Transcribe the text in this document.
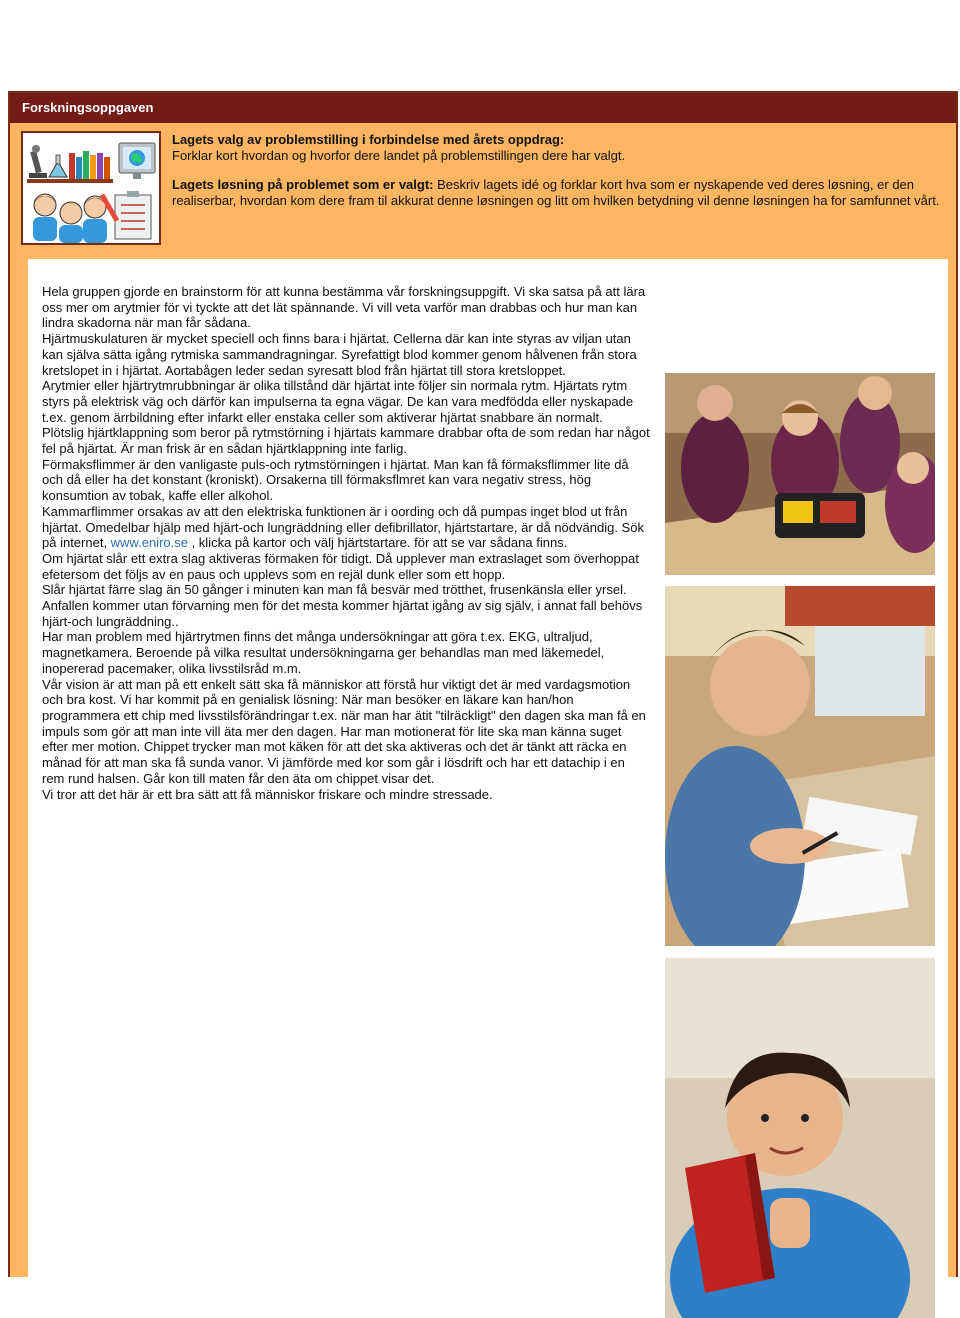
Forskningsoppgaven

Lagets valg av problemstilling i forbindelse med årets oppdrag:
Forklar kort hvordan og hvorfor dere landet på problemstillingen dere har valgt.

Lagets løsning på problemet som er valgt: Beskriv lagets idé og forklar kort hva som er nyskapende ved deres løsning, er den realiserbar, hvordan kom dere fram til akkurat denne løsningen og litt om hvilken betydning vil denne løsningen ha for samfunnet vårt.

Hela gruppen gjorde en brainstorm för att kunna bestämma vår forskningsuppgift. Vi ska satsa på att lära oss mer om arytmier för vi tyckte att det lät spännande. Vi vill veta varför man drabbas och hur man kan lindra skadorna när man får sådana.

Hjärtmuskulaturen är mycket speciell och finns bara i hjärtat. Cellerna där kan inte styras av viljan utan kan själva sätta igång rytmiska sammandragningar. Syrefattigt blod kommer genom hålvenen från stora kretslopet in i hjärtat. Aortabågen leder sedan syresatt blod från hjärtat till stora kretsloppet.

Arytmier eller hjärtrytmrubbningar är olika tillstånd där hjärtat inte följer sin normala rytm. Hjärtats rytm styrs på elektrisk väg och därför kan impulserna ta egna vägar. De kan vara medfödda eller nyskapade t.ex. genom ärrbildning efter infarkt eller enstaka celler som aktiverar hjärtat snabbare än normalt.

Plötslig hjärtklappning som beror på rytmstörning i hjärtats kammare drabbar ofta de som redan har något fel på hjärtat. Är man frisk är en sådan hjärtklappning inte farlig.

Förmaksflimmer är den vanligaste puls-och rytmstörningen i hjärtat. Man kan få förmaksflimmer lite då och då eller ha det konstant (kroniskt). Orsakerna till förmaksflmret kan vara negativ stress, hög konsumtion av tobak, kaffe eller alkohol.

Kammarflimmer orsakas av att den elektriska funktionen är i oording och då pumpas inget blod ut från hjärtat. Omedelbar hjälp med hjärt-och lungräddning eller defibrillator, hjärtstartare, är då nödvändig. Sök på internet, www.eniro.se , klicka på kartor och välj hjärtstartare. för att se var sådana finns.

Om hjärtat slår ett extra slag aktiveras förmaken för tidigt. Då upplever man extraslaget som överhoppat efetersom det följs av en paus och upplevs som en rejäl dunk eller som ett hopp.

Slår hjärtat färre slag än 50 gånger i minuten kan man få besvär med trötthet, frusenkänsla eller yrsel. Anfallen kommer utan förvarning men för det mesta kommer hjärtat igång av sig själv, i annat fall behövs hjärt-och lungräddning..

Har man problem med hjärtrytmen finns det många undersökningar att göra t.ex. EKG, ultraljud, magnetkamera. Beroende på vilka resultat undersökningarna ger behandlas man med läkemedel, inopererad pacemaker, olika livsstilsråd m.m.

Vår vision är att man på ett enkelt sätt ska få människor att förstå hur viktigt det är med vardagsmotion och bra kost. Vi har kommit på en genialisk lösning: När man besöker en läkare kan han/hon programmera ett chip med livsstilsförändringar t.ex. när man har ätit "tilräckligt" den dagen ska man få en impuls som gör att man inte vill äta mer den dagen. Har man motionerat för lite ska man känna suget efter mer motion. Chippet trycker man mot käken för att det ska aktiveras och det är tänkt att räcka en månad för att man ska få sunda vanor. Vi jämförde med kor som går i lösdrift och har ett datachip i en rem rund halsen. Går kon till maten får den äta om chippet visar det.

Vi tror att det här är ett bra sätt att få människor friskare och mindre stressade.
